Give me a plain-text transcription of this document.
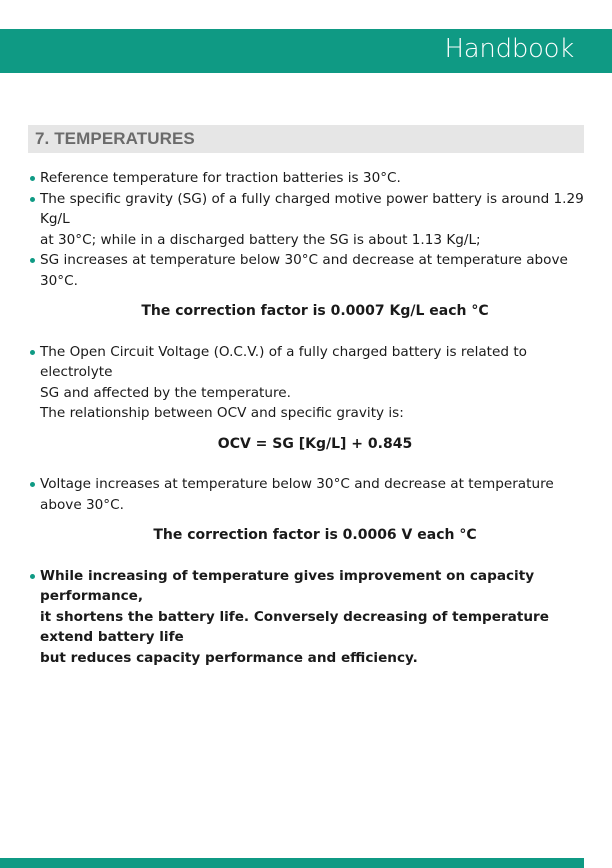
Handbook
7. TEMPERATURES
Reference temperature for traction batteries is 30°C.
The specific gravity (SG) of a fully charged motive power battery is around 1.29 Kg/L
at 30°C; while in a discharged battery the SG is about 1.13 Kg/L;
SG increases at temperature below 30°C and decrease at temperature above 30°C.

The correction factor is 0.0007 Kg/L each °C

The Open Circuit Voltage (O.C.V.) of a fully charged battery is related to electrolyte
SG and affected by the temperature.
The relationship between OCV and specific gravity is:

OCV = SG [Kg/L] + 0.845

Voltage increases at temperature below 30°C and decrease at temperature
above 30°C.

The correction factor is 0.0006 V each °C

While increasing of temperature gives improvement on capacity performance,
it shortens the battery life. Conversely decreasing of temperature extend battery life
but reduces capacity performance and efficiency.
